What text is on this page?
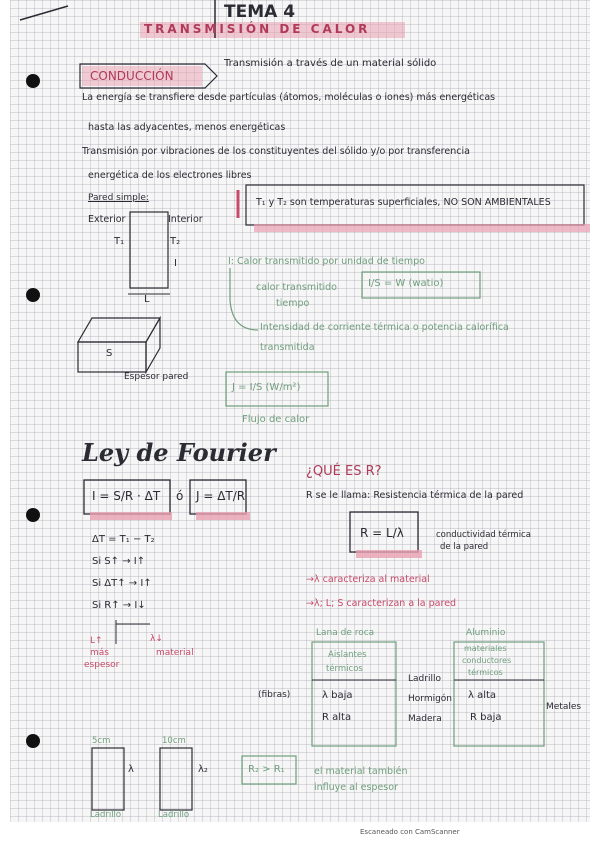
TEMA 4
TRANSMISIÓN DE CALOR
CONDUCCIÓN
Transmisión a través de un material sólido
La energía se transfiere desde partículas (átomos, moléculas o iones) más energéticas
hasta las adyacentes, menos energéticas
Transmisión por vibraciones de los constituyentes del sólido y/o por transferencia
energética de los electrones libres
Pared simple:
Exterior	Interior
T₁	T₂
I
L
S
Espesor pared
T₁ y T₂ son temperaturas superficiales, NO SON AMBIENTALES
I: Calor transmitido por unidad de tiempo
calor transmitido
tiempo
I/S = W (watio)
Intensidad de corriente térmica o potencia calorífica
transmitida
J = I/S (W/m²)
Flujo de calor
Ley de Fourier
I = S/R · ΔT ó J = ΔT/R
ΔT = T₁ − T₂
Si S↑ → I↑
Si ΔT↑ → I↑
Si R↑ → I↓
L↑
más
espesor
λ↓
material
¿QUÉ ES R?
R se le llama: Resistencia térmica de la pared
R = L/λ	conductividad térmica
de la pared
→λ caracteriza al material
→λ; L; S caracterizan a la pared
Lana de roca
Aislantes
térmicos
(fibras)	λ baja
R alta
Ladrillo
Hormigón
Madera
Aluminio
materiales
conductores
térmicos
λ alta
R baja
Metales
5cm	10cm
λ	λ₂
Ladrillo	Ladrillo
R₂ > R₁	el material también
influye al espesor
Escaneado con CamScanner
